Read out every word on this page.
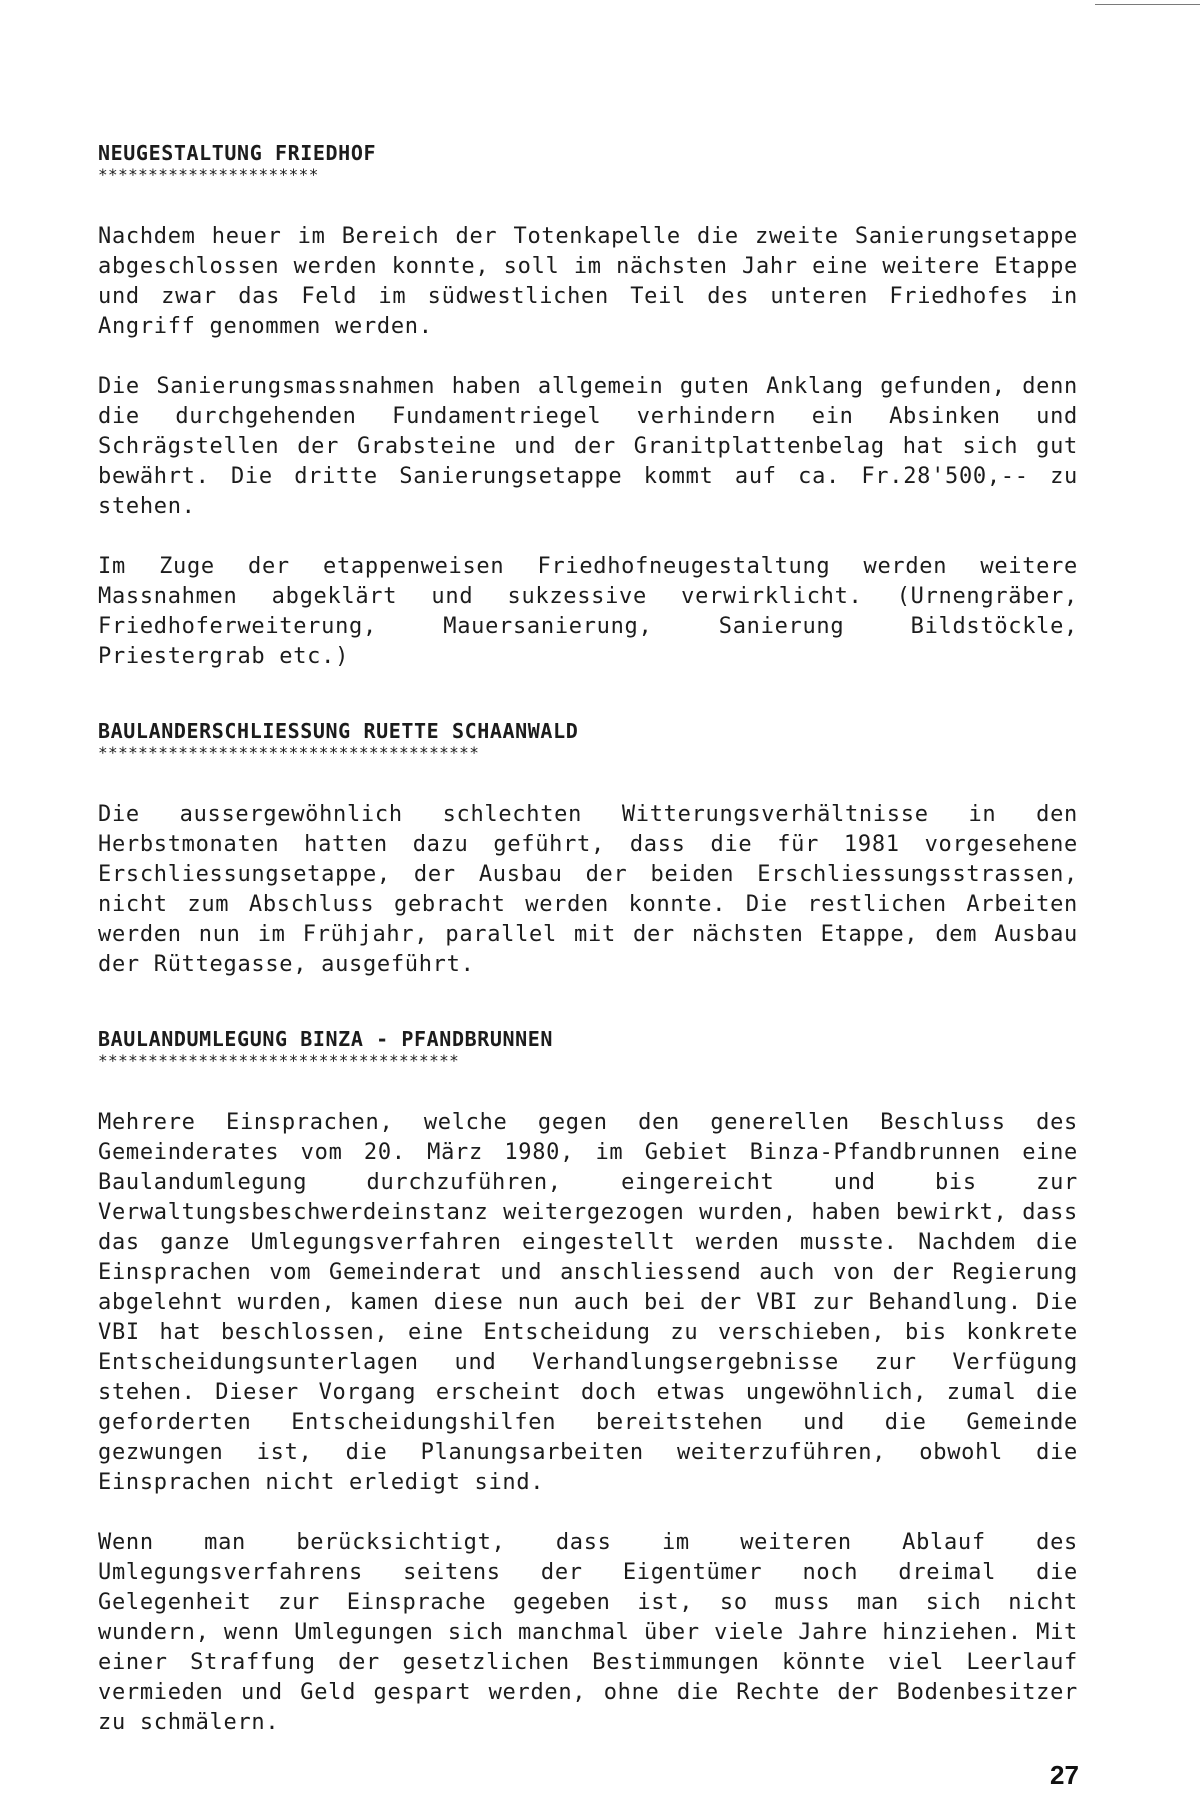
NEUGESTALTUNG FRIEDHOF
**********************

Nachdem heuer im Bereich der Totenkapelle die zweite Sanierungsetappe abgeschlossen werden konnte, soll im nächsten Jahr eine weitere Etappe und zwar das Feld im südwestlichen Teil des unteren Friedhofes in Angriff genommen werden.

Die Sanierungsmassnahmen haben allgemein guten Anklang gefunden, denn die durchgehenden Fundamentriegel verhindern ein Absinken und Schrägstellen der Grabsteine und der Granitplattenbelag hat sich gut bewährt. Die dritte Sanierungsetappe kommt auf ca. Fr.28'500,-- zu stehen.

Im Zuge der etappenweisen Friedhofneugestaltung werden weitere Massnahmen abgeklärt und sukzessive verwirklicht. (Urnengräber, Friedhoferweiterung, Mauersanierung, Sanierung Bildstöckle, Priestergrab etc.)

BAULANDERSCHLIESSUNG RUETTE SCHAANWALD
**************************************

Die aussergewöhnlich schlechten Witterungsverhältnisse in den Herbstmonaten hatten dazu geführt, dass die für 1981 vorgesehene Erschliessungsetappe, der Ausbau der beiden Erschliessungsstrassen, nicht zum Abschluss gebracht werden konnte. Die restlichen Arbeiten werden nun im Frühjahr, parallel mit der nächsten Etappe, dem Ausbau der Rüttegasse, ausgeführt.

BAULANDUMLEGUNG BINZA - PFANDBRUNNEN
************************************

Mehrere Einsprachen, welche gegen den generellen Beschluss des Gemeinderates vom 20. März 1980, im Gebiet Binza-Pfandbrunnen eine Baulandumlegung durchzuführen, eingereicht und bis zur Verwaltungsbeschwerdeinstanz weitergezogen wurden, haben bewirkt, dass das ganze Umlegungsverfahren eingestellt werden musste. Nachdem die Einsprachen vom Gemeinderat und anschliessend auch von der Regierung abgelehnt wurden, kamen diese nun auch bei der VBI zur Behandlung. Die VBI hat beschlossen, eine Entscheidung zu verschieben, bis konkrete Entscheidungsunterlagen und Verhandlungsergebnisse zur Verfügung stehen. Dieser Vorgang erscheint doch etwas ungewöhnlich, zumal die geforderten Entscheidungshilfen bereitstehen und die Gemeinde gezwungen ist, die Planungsarbeiten weiterzuführen, obwohl die Einsprachen nicht erledigt sind.

Wenn man berücksichtigt, dass im weiteren Ablauf des Umlegungsverfahrens seitens der Eigentümer noch dreimal die Gelegenheit zur Einsprache gegeben ist, so muss man sich nicht wundern, wenn Umlegungen sich manchmal über viele Jahre hinziehen. Mit einer Straffung der gesetzlichen Bestimmungen könnte viel Leerlauf vermieden und Geld gespart werden, ohne die Rechte der Bodenbesitzer zu schmälern.

27
